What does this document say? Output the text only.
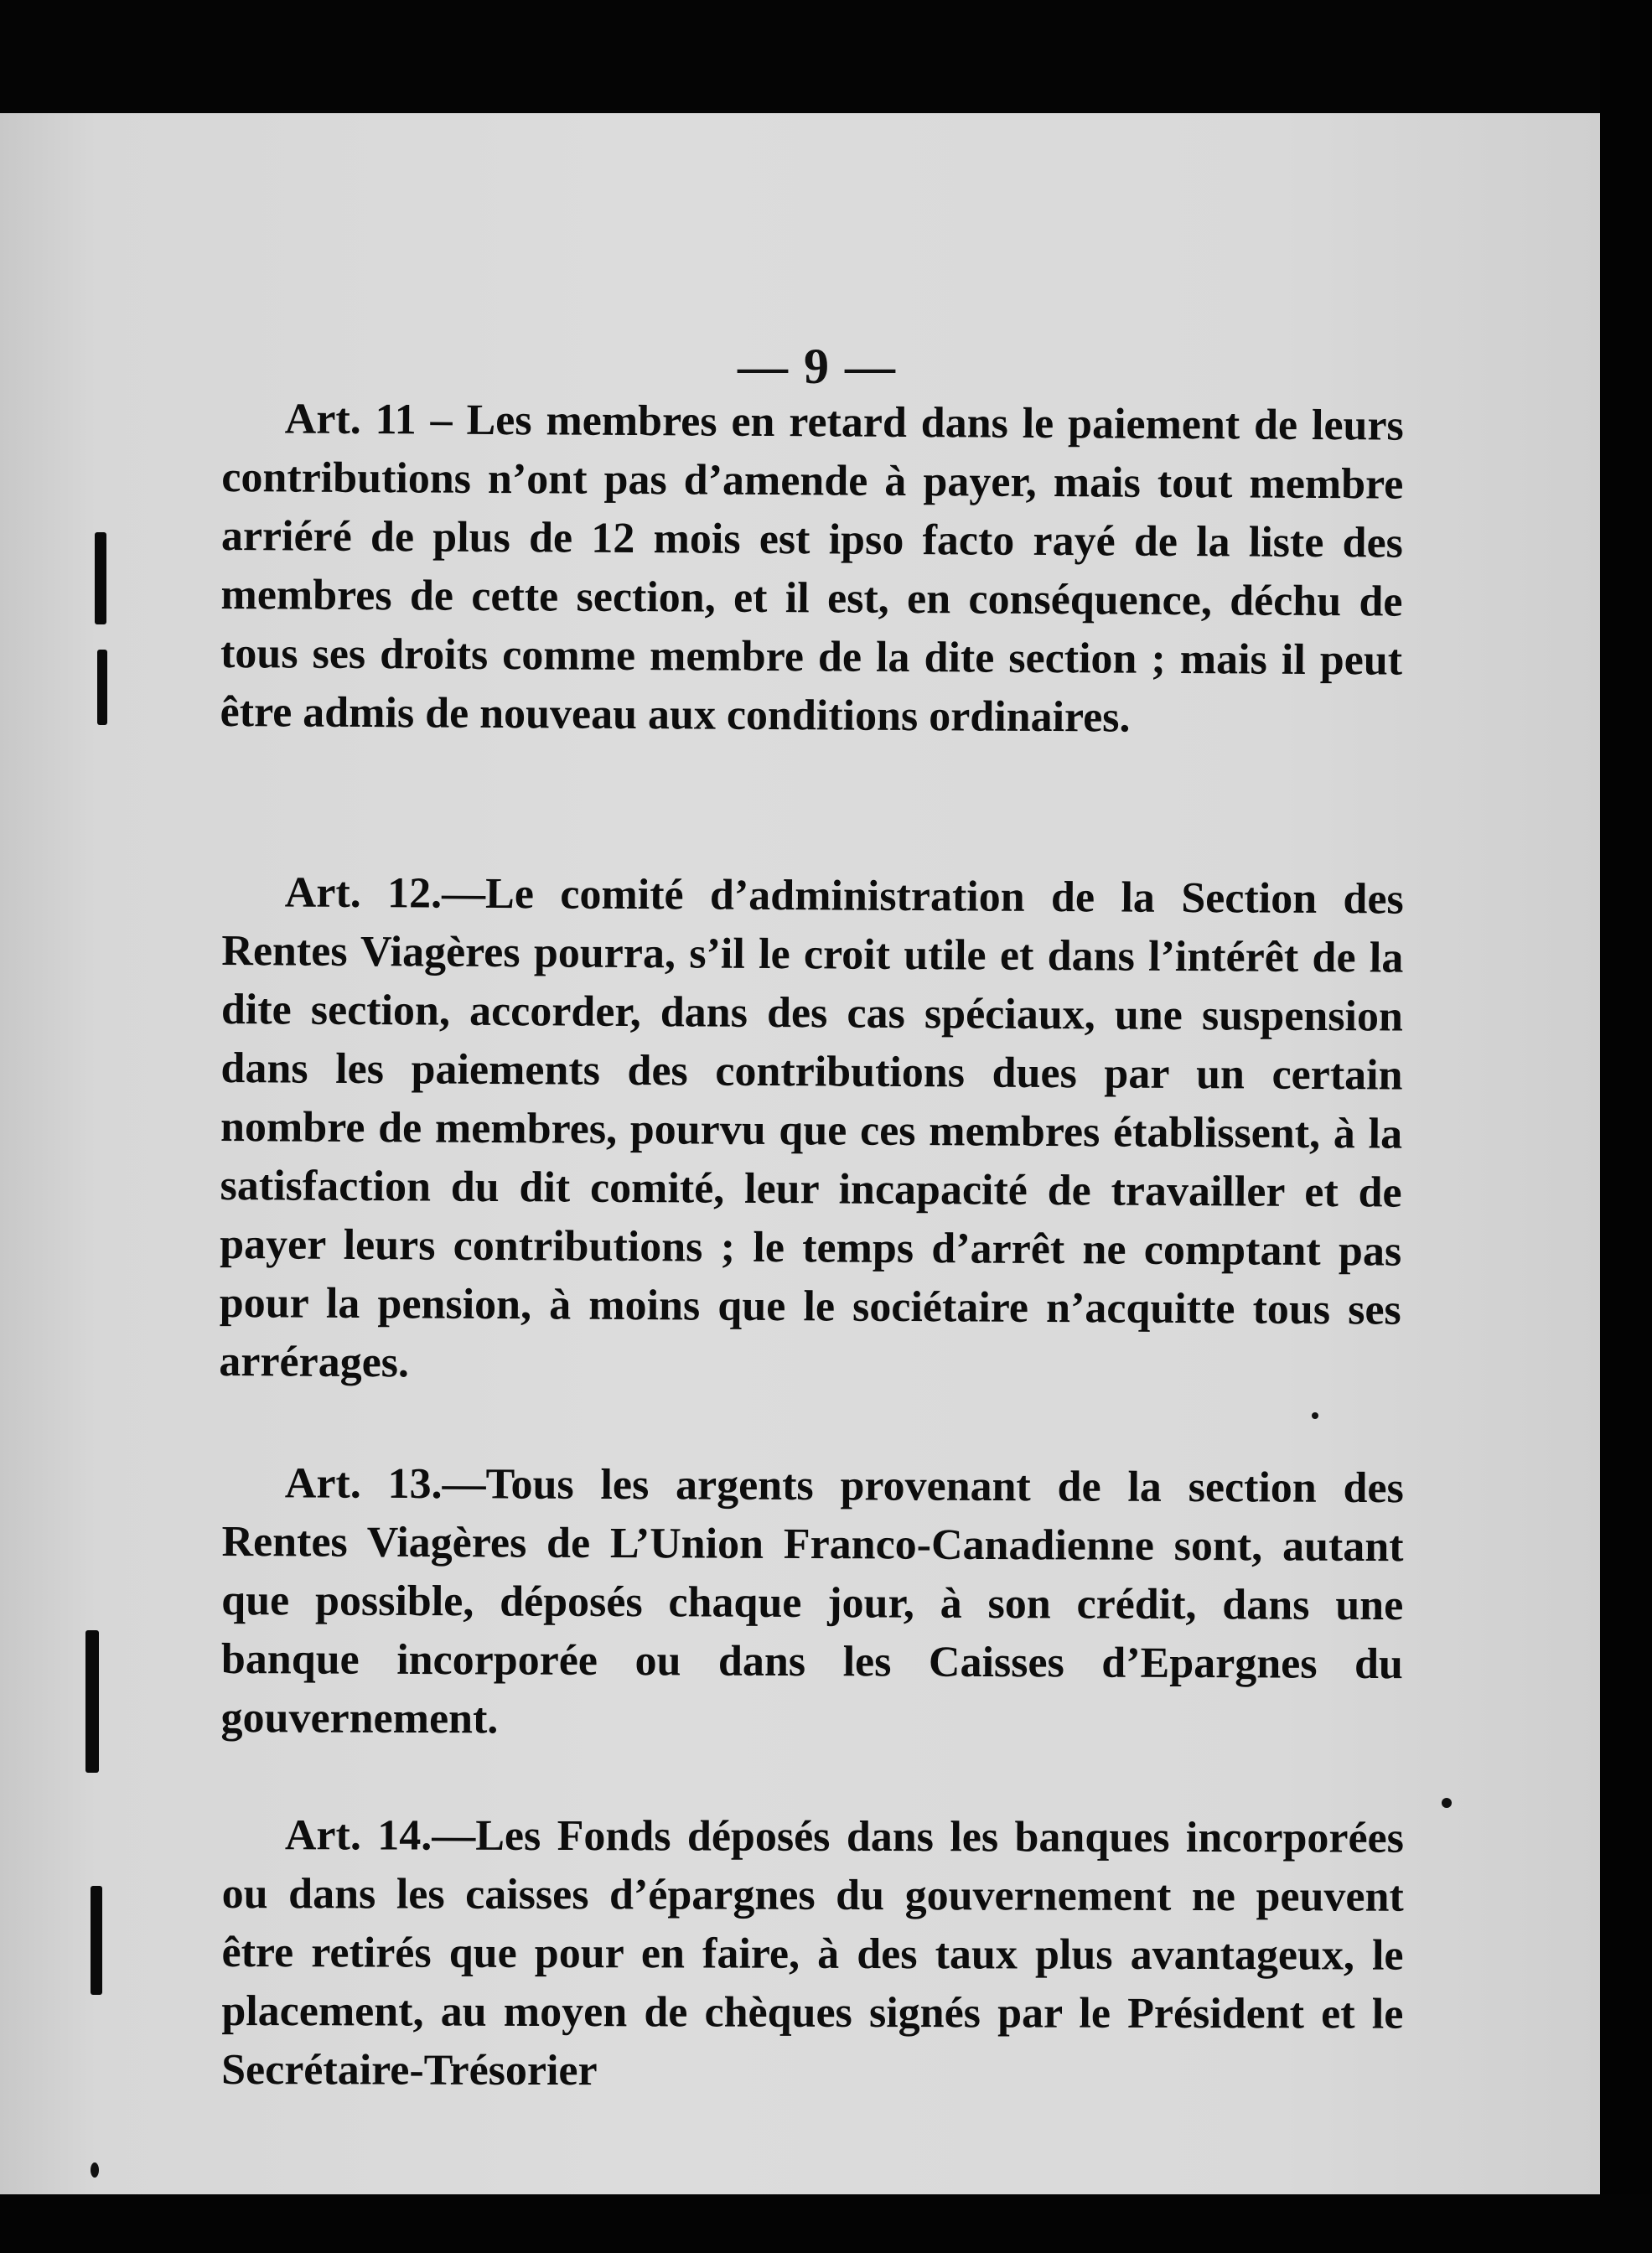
— 9 —

Art. 11 – Les membres en retard dans le paiement de leurs contributions n’ont pas d’amende à payer, mais tout membre arriéré de plus de 12 mois est ipso facto rayé de la liste des membres de cette section, et il est, en conséquence, déchu de tous ses droits comme membre de la dite section ; mais il peut être admis de nouveau aux conditions ordinaires.

Art. 12.—Le comité d’administration de la Section des Rentes Viagères pourra, s’il le croit utile et dans l’intérêt de la dite section, accorder, dans des cas spéciaux, une suspension dans les paiements des contributions dues par un certain nombre de membres, pourvu que ces membres établissent, à la satisfaction du dit comité, leur incapacité de travailler et de payer leurs contributions ; le temps d’arrêt ne comptant pas pour la pension, à moins que le sociétaire n’acquitte tous ses arrérages.

Art. 13.—Tous les argents provenant de la section des Rentes Viagères de L’Union Franco-Canadienne sont, autant que possible, déposés chaque jour, à son crédit, dans une banque incorporée ou dans les Caisses d’Epargnes du gouvernement.

Art. 14.—Les Fonds déposés dans les banques incorporées ou dans les caisses d’épargnes du gouvernement ne peuvent être retirés que pour en faire, à des taux plus avantageux, le placement, au moyen de chèques signés par le Président et le Secrétaire-Trésorier
